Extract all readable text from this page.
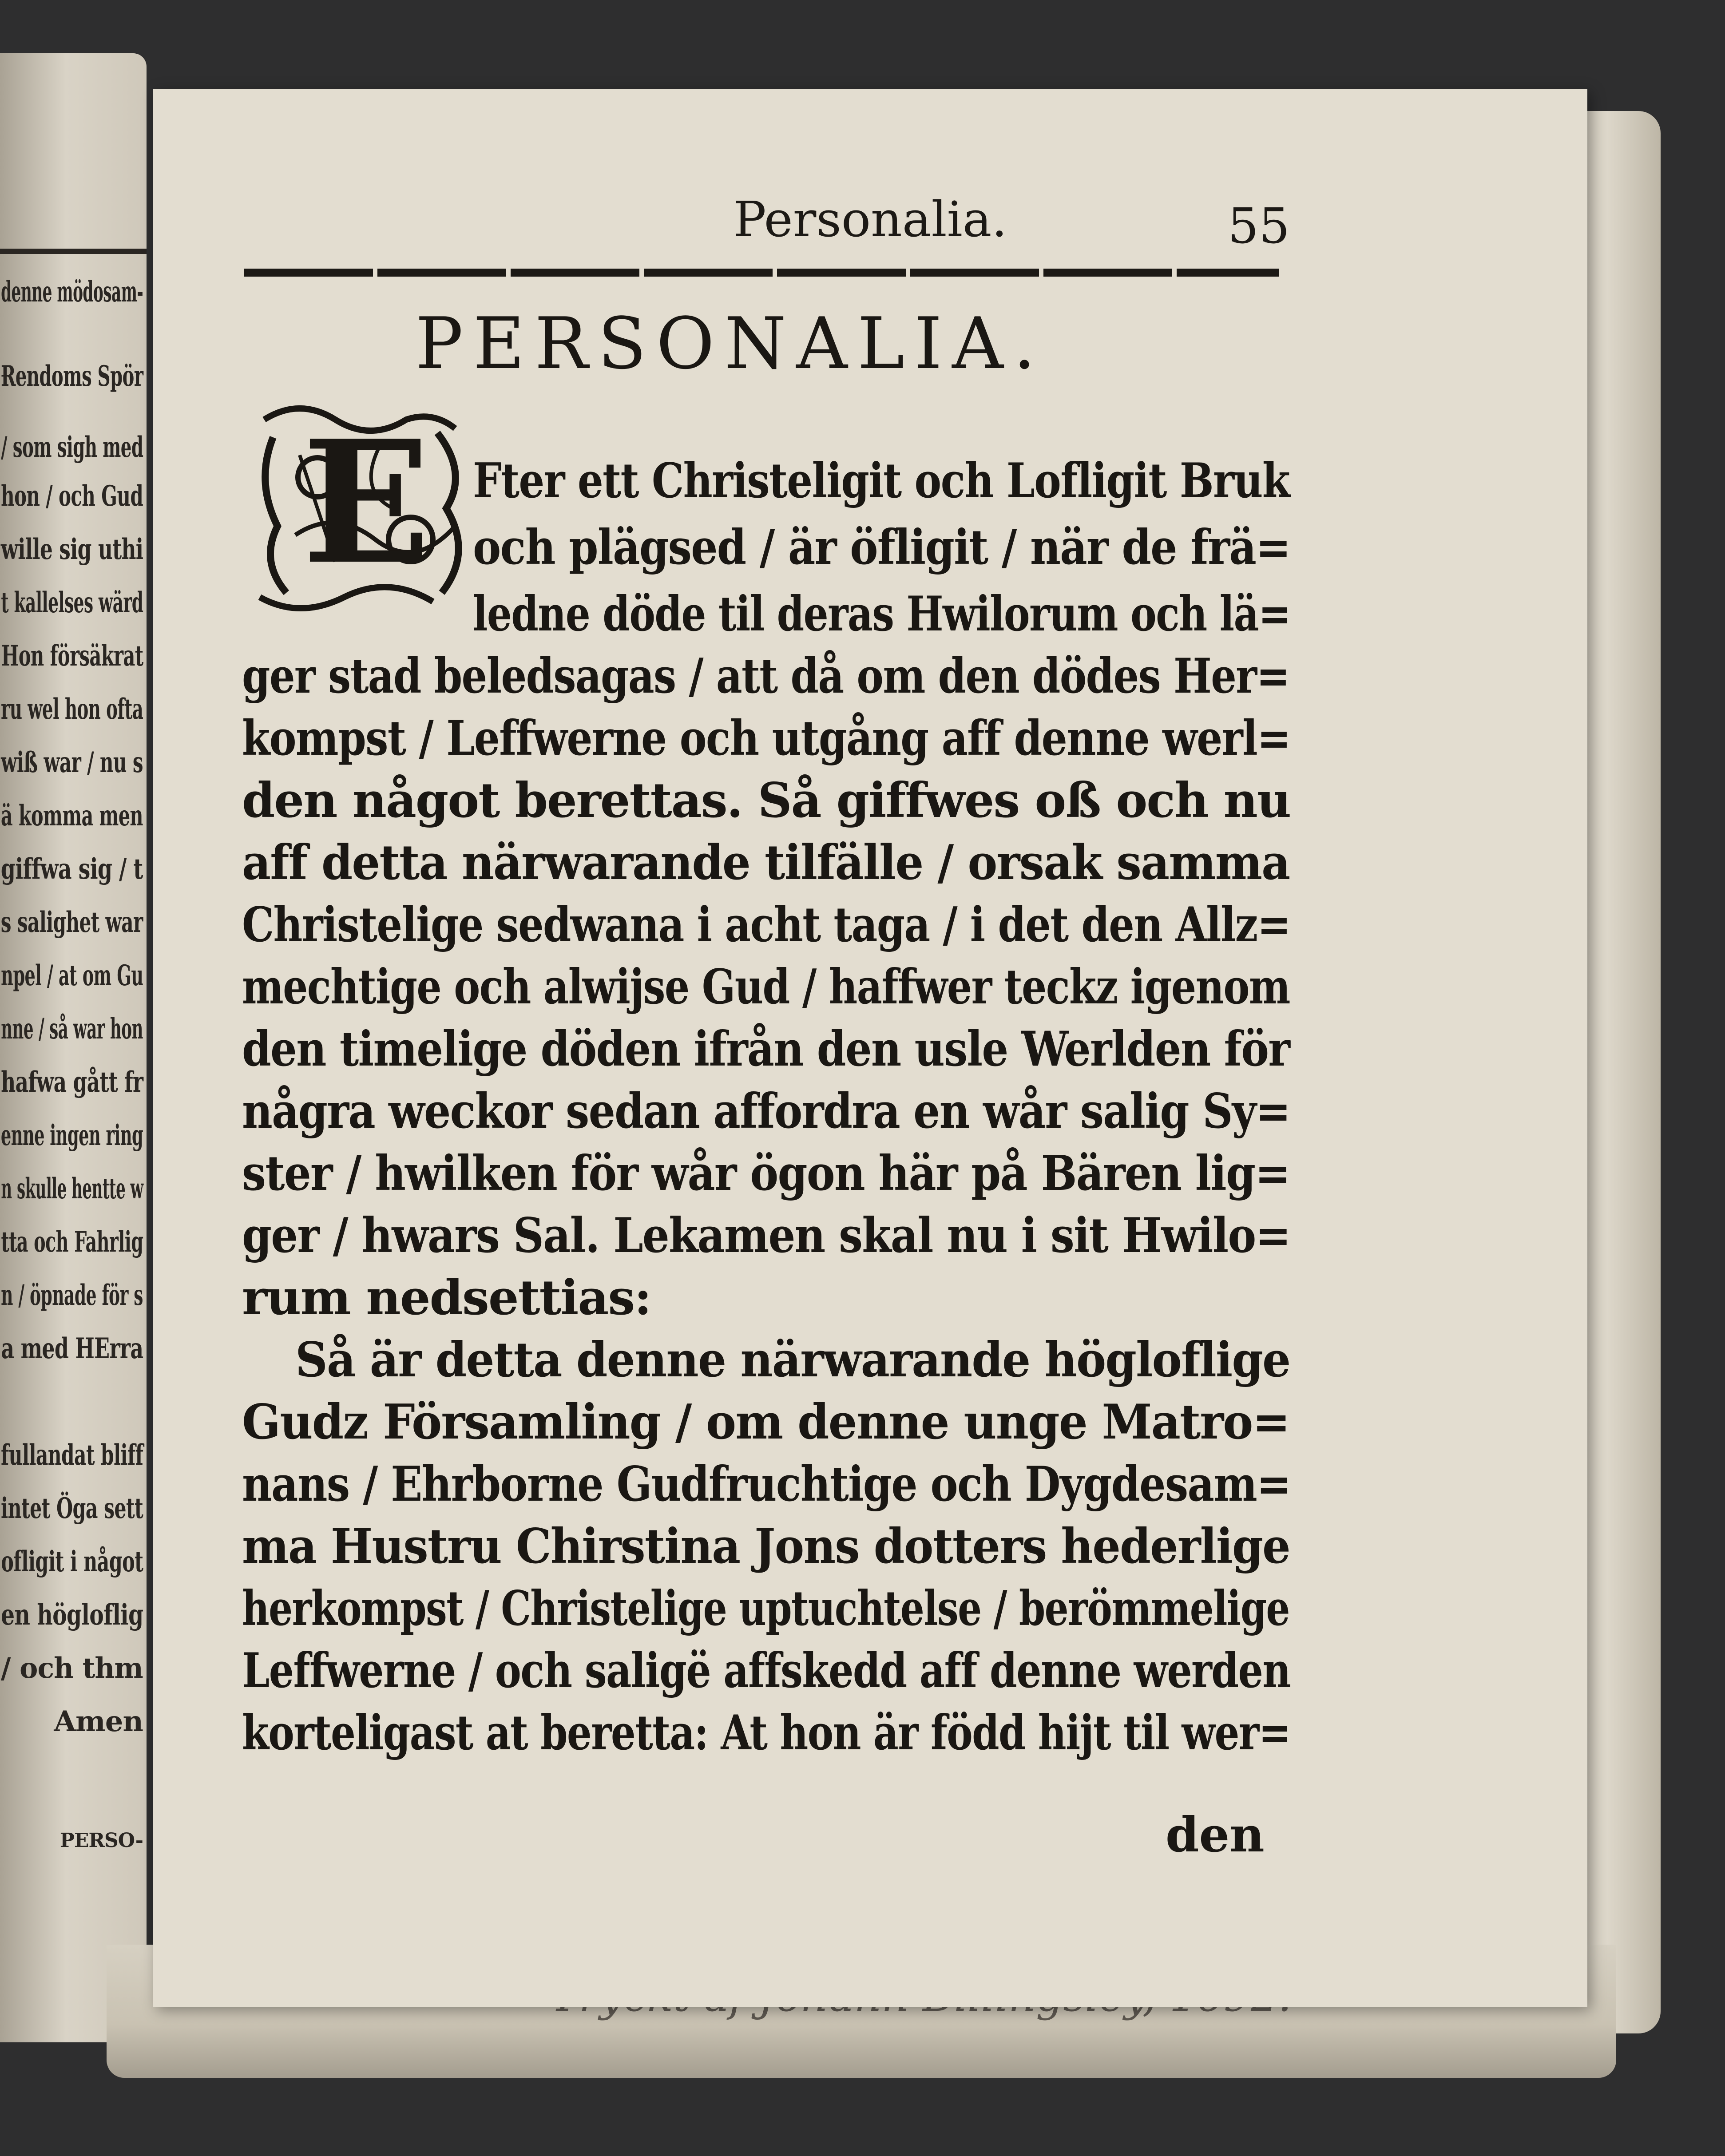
denne mödosam-
Ɍendoms Spör
/ som sigh med
hon / och Gud
wille sig uthi
t kallelses wärd
Hon försäkrat
ru wel hon ofta
wiß war / nu s
ä komma men
giffwa sig / t
s salighet war
npel / at om Gu
nne / så war hon
hafwa gått fr
enne ingen ring
n skulle hentte w
tta och Fahrlig
n / öpnade för s
a med HErra
fullandat bliff
intet Öga sett
ofligit i något
en högloflig
/ och thm
Amen
PERSO-
Personalia.	55
PERSONALIA.
E Fter ett Christeligit och Lofligit Bruk
och plägsed / är öfligit / när de frä=
ledne döde til deras Hwilorum och lä=
ger stad beledsagas / att då om den dödes Her=
kompst / Leffwerne och utgång aff denne werl=
den något berettas. Så giffwes oß och nu
aff detta närwarande tilfälle / orsak samma
Christelige sedwana i acht taga / i det den Allz=
mechtige och alwijse Gud / haffwer teckz igenom
den timelige döden ifrån den usle Werlden för
några weckor sedan affordra en wår salig Sy=
ster / hwilken för wår ögon här på Bären lig=
ger / hwars Sal. Lekamen skal nu i sit Hwilo=
rum nedsettias:
Så är detta denne närwarande högloflige
Gudz Församling / om denne unge Matro=
nans / Ehrborne Gudfruchtige och Dygdesam=
ma Hustru Chirstina Jons dotters hederlige
herkompst / Christelige uptuchtelse / berömmelige
Leffwerne / och saligë affskedd aff denne werden
korteligast at beretta: At hon är född hijt til wer=
den
